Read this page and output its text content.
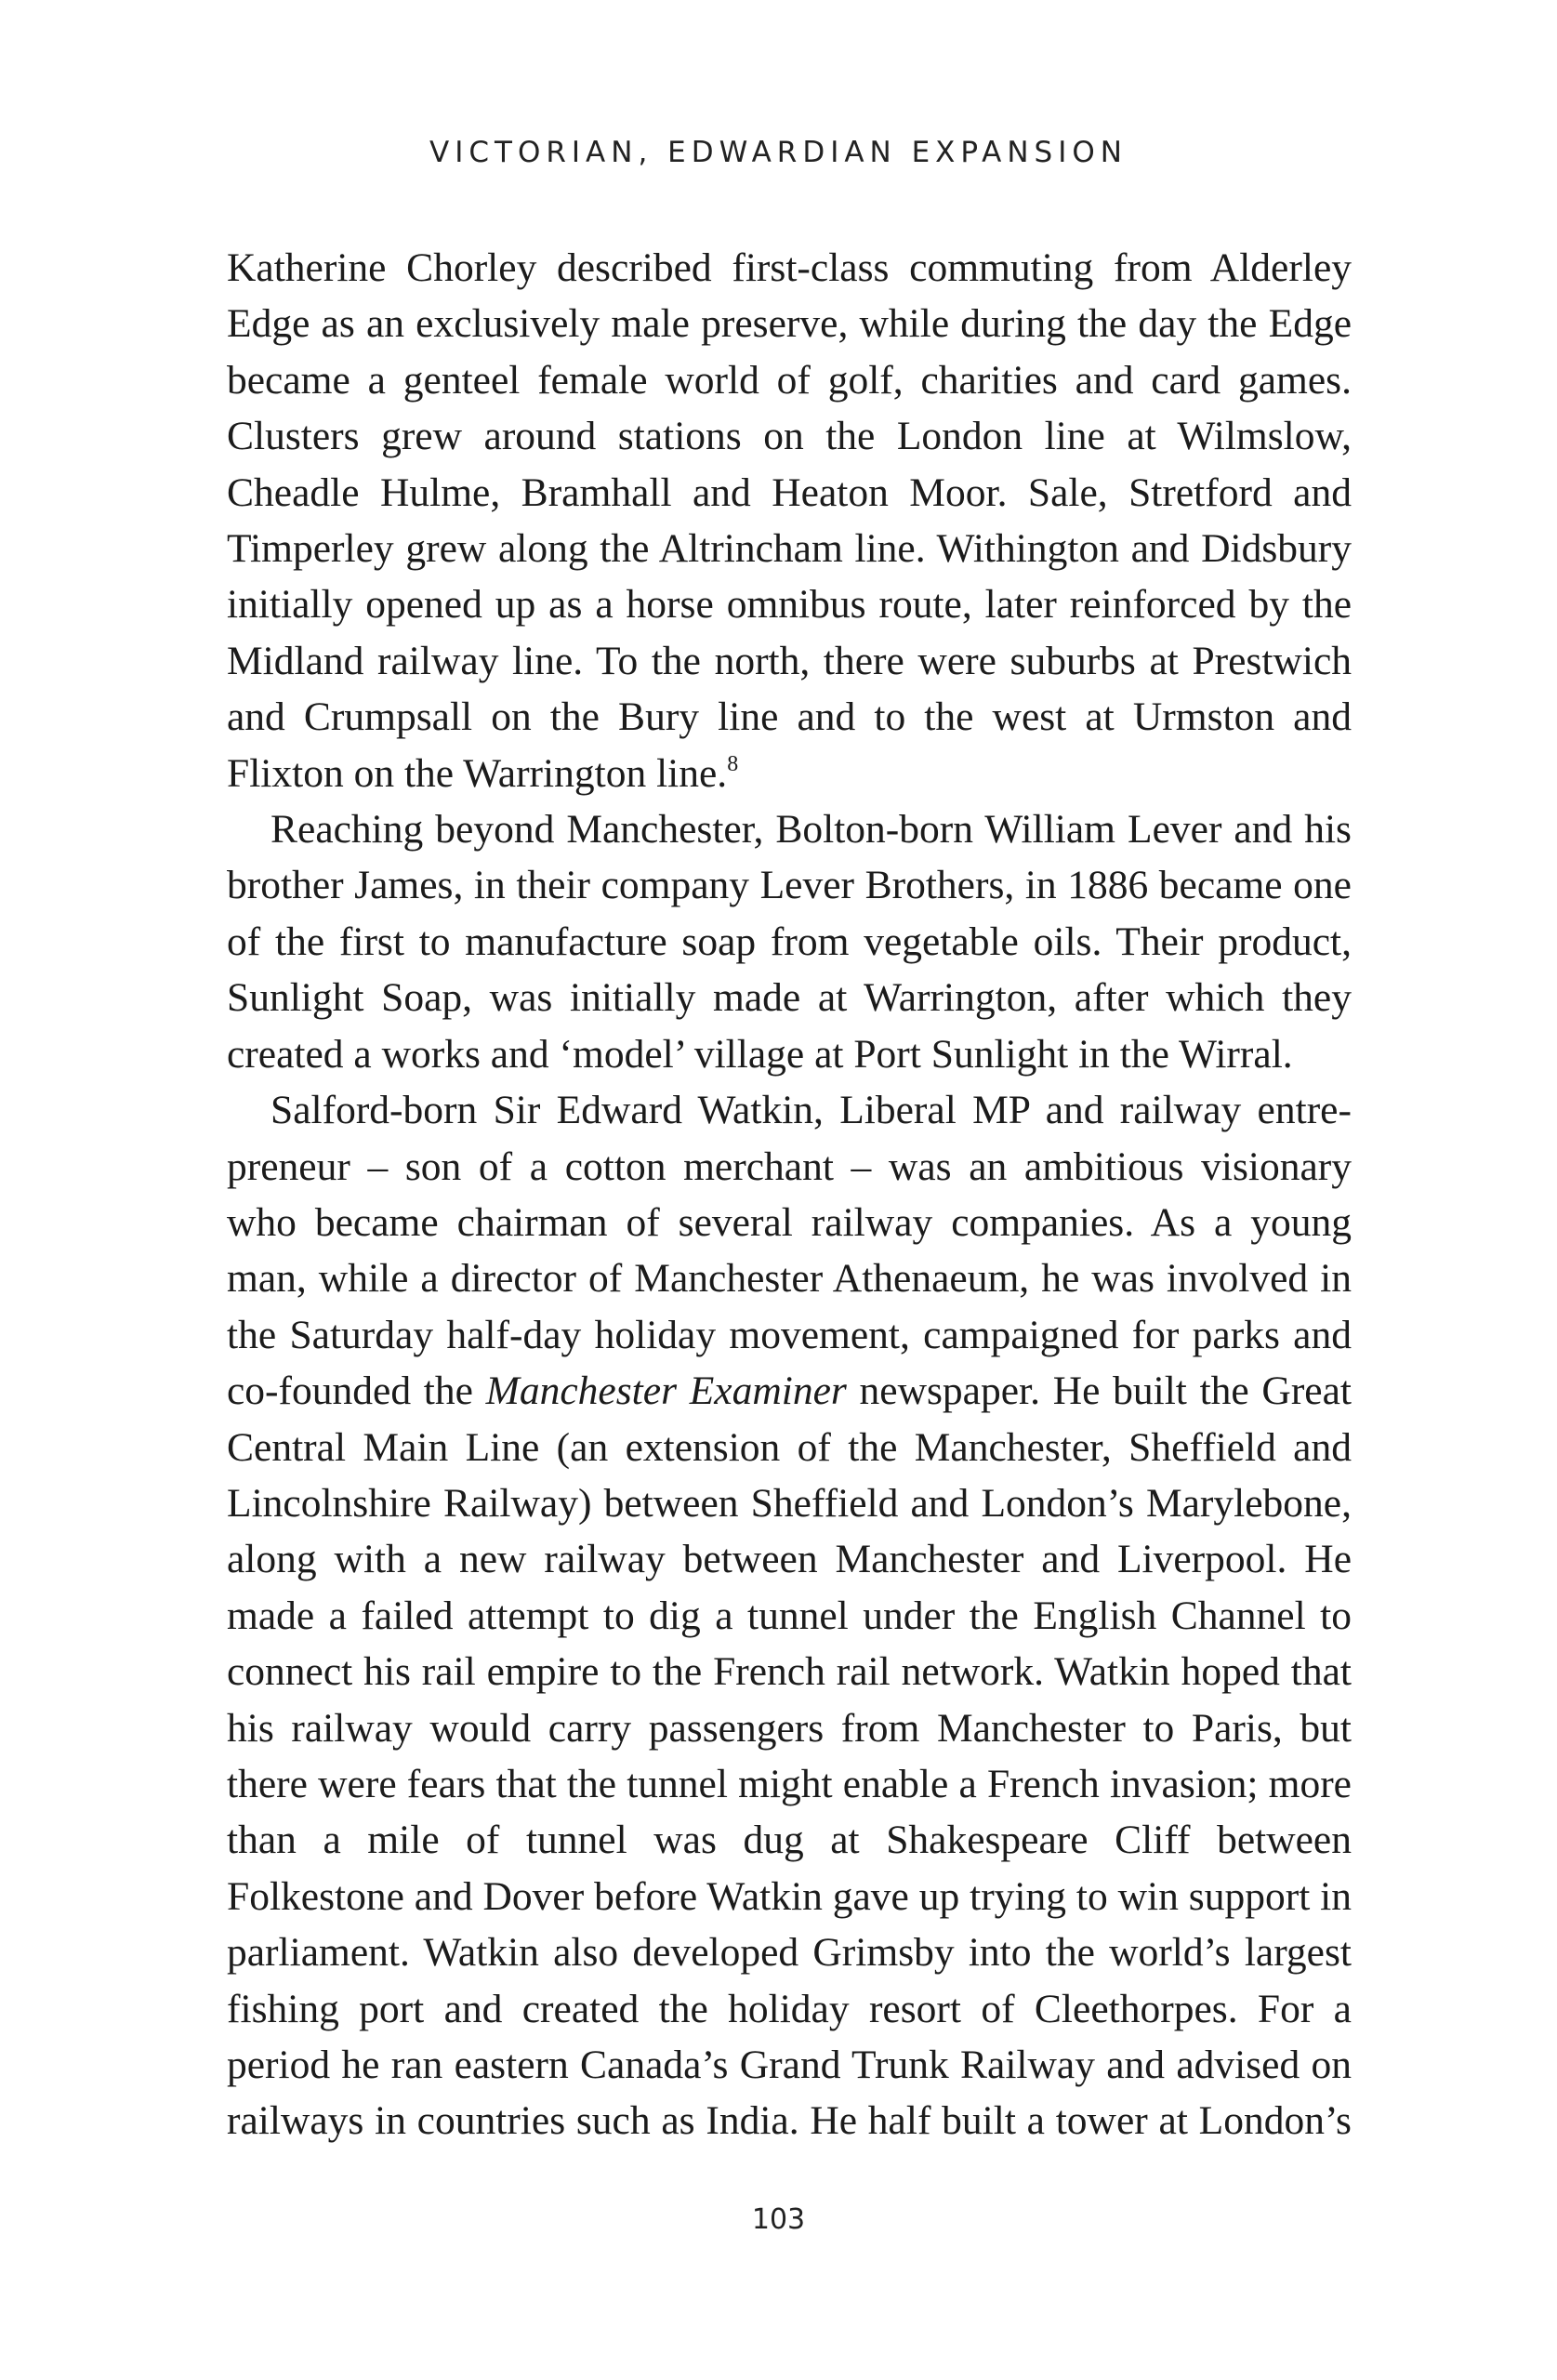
VICTORIAN, EDWARDIAN EXPANSION

Katherine Chorley described first-class commuting from Alderley Edge as an exclusively male preserve, while during the day the Edge became a genteel female world of golf, charities and card games. Clusters grew around stations on the London line at Wilmslow, Cheadle Hulme, Bramhall and Heaton Moor. Sale, Stretford and Timperley grew along the Altrincham line. Withington and Didsbury initially opened up as a horse omnibus route, later reinforced by the Midland railway line. To the north, there were suburbs at Prestwich and Crumpsall on the Bury line and to the west at Urmston and Flixton on the Warrington line.$^8$

Reaching beyond Manchester, Bolton-born William Lever and his brother James, in their company Lever Brothers, in 1886 became one of the first to manufacture soap from vegetable oils. Their product, Sunlight Soap, was initially made at Warrington, after which they created a works and ‘model’ village at Port Sunlight in the Wirral.

Salford-born Sir Edward Watkin, Liberal MP and railway entrepreneur – son of a cotton merchant – was an ambitious visionary who became chairman of several railway companies. As a young man, while a director of Manchester Athenaeum, he was involved in the Saturday half-day holiday movement, campaigned for parks and co-founded the Manchester Examiner newspaper. He built the Great Central Main Line (an extension of the Manchester, Sheffield and Lincolnshire Railway) between Sheffield and London’s Marylebone, along with a new railway between Manchester and Liverpool. He made a failed attempt to dig a tunnel under the English Channel to connect his rail empire to the French rail network. Watkin hoped that his railway would carry passengers from Manchester to Paris, but there were fears that the tunnel might enable a French invasion; more than a mile of tunnel was dug at Shakespeare Cliff between Folkestone and Dover before Watkin gave up trying to win support in parliament. Watkin also developed Grimsby into the world’s largest fishing port and created the holiday resort of Cleethorpes. For a period he ran eastern Canada’s Grand Trunk Railway and advised on railways in countries such as India. He half built a tower at London’s

103
